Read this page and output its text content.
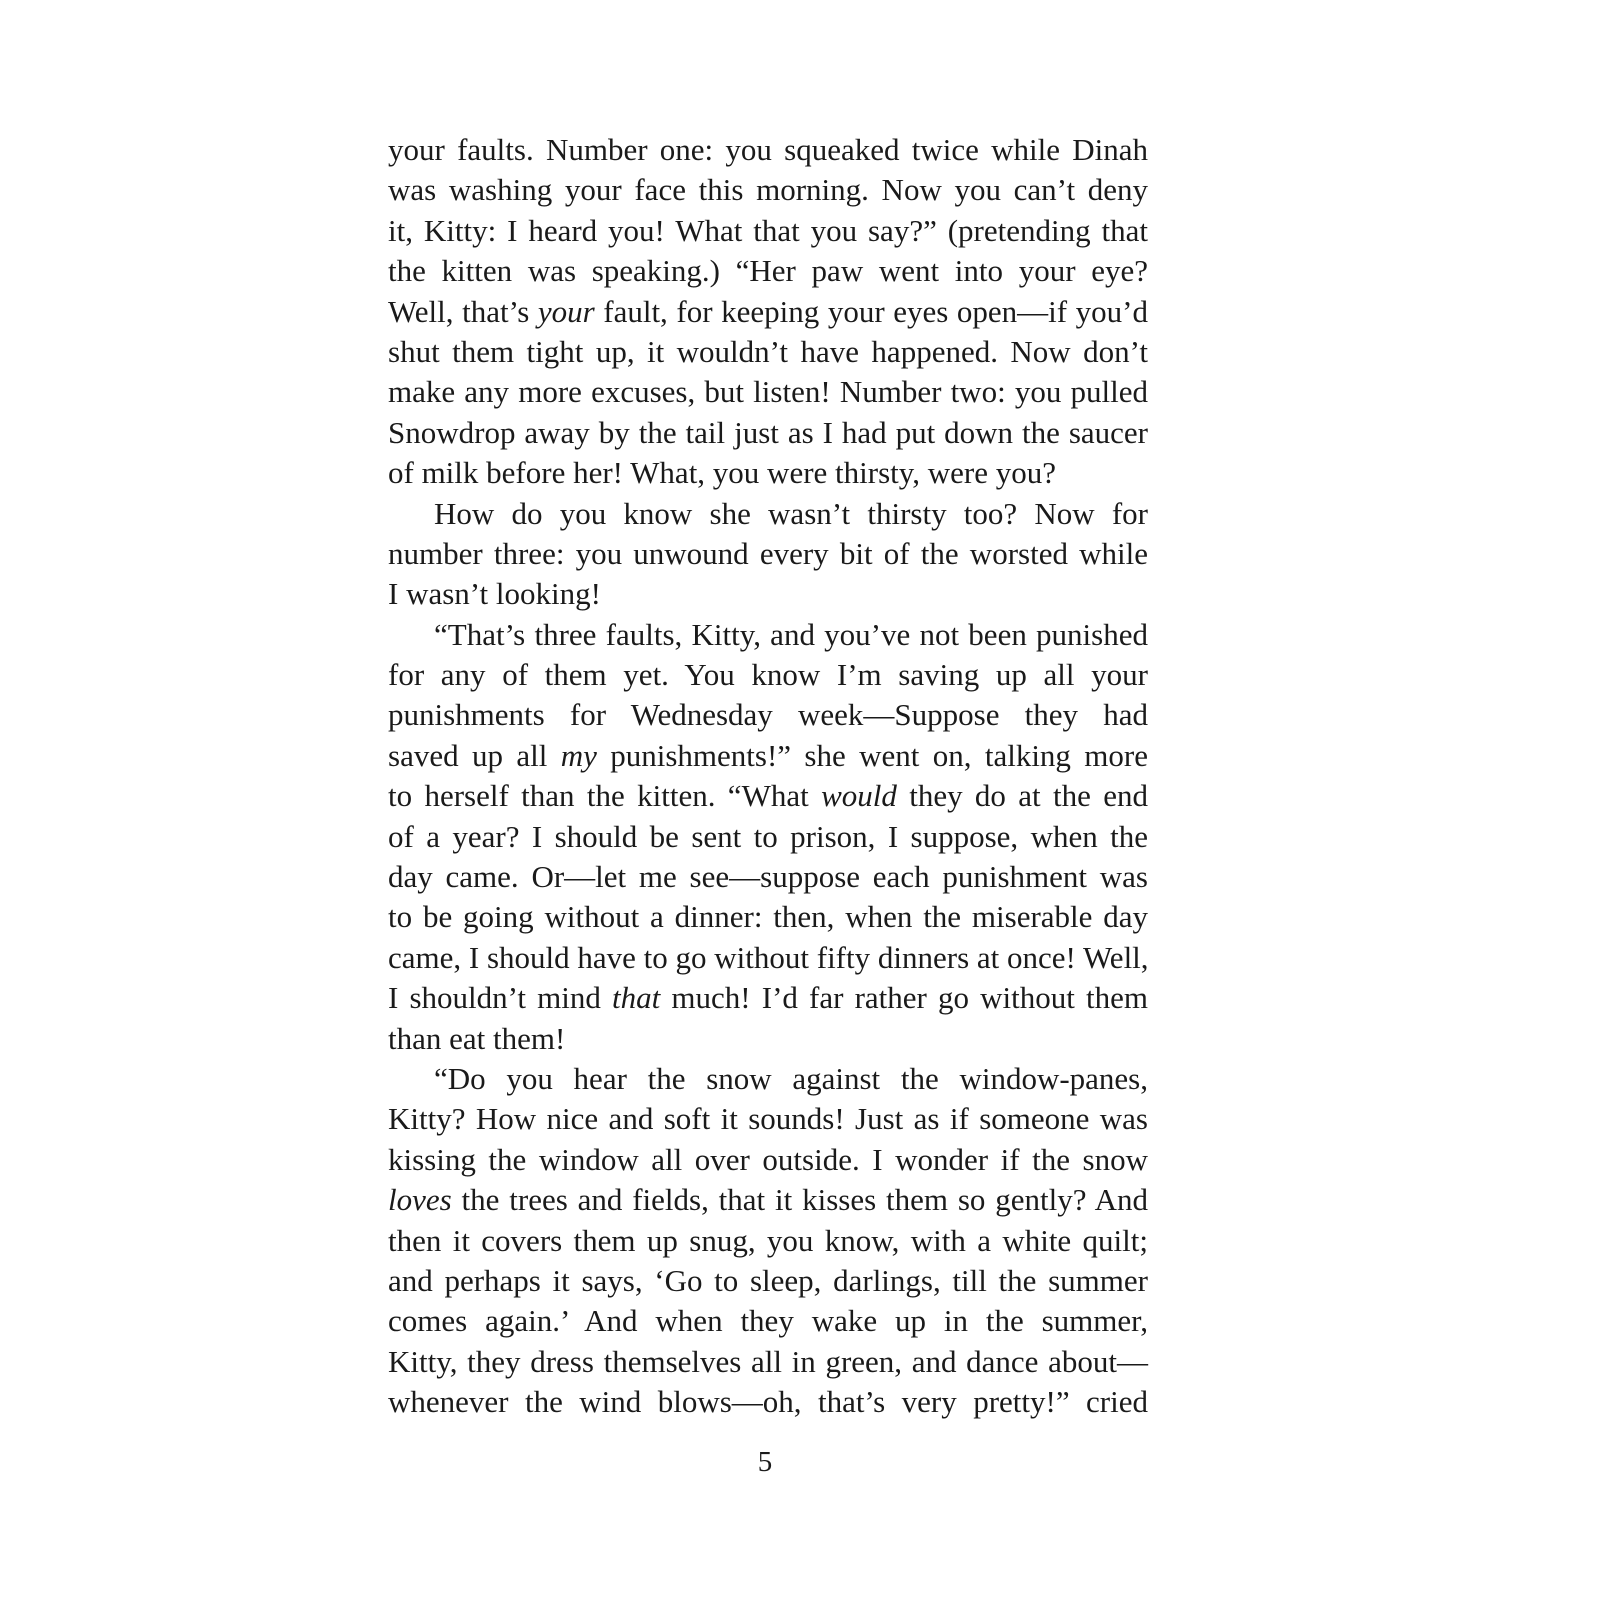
your faults. Number one: you squeaked twice while Dinah
was washing your face this morning. Now you can’t deny
it, Kitty: I heard you! What that you say?” (pretending that
the kitten was speaking.) “Her paw went into your eye?
Well, that’s your fault, for keeping your eyes open—if you’d
shut them tight up, it wouldn’t have happened. Now don’t
make any more excuses, but listen! Number two: you pulled
Snowdrop away by the tail just as I had put down the saucer
of milk before her! What, you were thirsty, were you?
How do you know she wasn’t thirsty too? Now for
number three: you unwound every bit of the worsted while
I wasn’t looking!
“That’s three faults, Kitty, and you’ve not been punished
for any of them yet. You know I’m saving up all your
punishments for Wednesday week—Suppose they had
saved up all my punishments!” she went on, talking more
to herself than the kitten. “What would they do at the end
of a year? I should be sent to prison, I suppose, when the
day came. Or—let me see—suppose each punishment was
to be going without a dinner: then, when the miserable day
came, I should have to go without fifty dinners at once! Well,
I shouldn’t mind that much! I’d far rather go without them
than eat them!
“Do you hear the snow against the window-panes,
Kitty? How nice and soft it sounds! Just as if someone was
kissing the window all over outside. I wonder if the snow
loves the trees and fields, that it kisses them so gently? And
then it covers them up snug, you know, with a white quilt;
and perhaps it says, ‘Go to sleep, darlings, till the summer
comes again.’ And when they wake up in the summer,
Kitty, they dress themselves all in green, and dance about—
whenever the wind blows—oh, that’s very pretty!” cried
5
